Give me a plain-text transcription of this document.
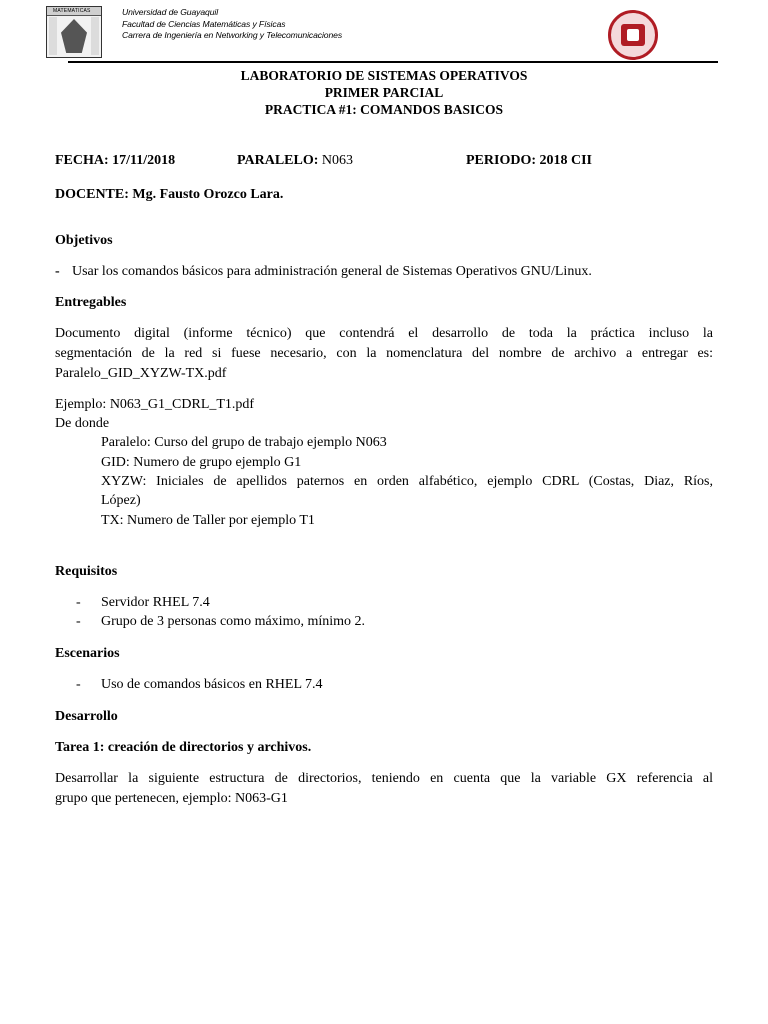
MATEMATICAS	Universidad de Guayaquil
Facultad de Ciencias Matemáticas y Físicas
Carrera de Ingeniería en Networking y Telecomunicaciones
LABORATORIO DE SISTEMAS OPERATIVOS
PRIMER PARCIAL
PRACTICA #1: COMANDOS BASICOS
FECHA: 17/11/2018	PARALELO: N063	PERIODO: 2018 CII
DOCENTE: Mg. Fausto Orozco Lara.
Objetivos
- Usar los comandos básicos para administración general de Sistemas Operativos GNU/Linux.
Entregables
Documento digital (informe técnico) que contendrá el desarrollo de toda la práctica incluso la
segmentación de la red si fuese necesario, con la nomenclatura del nombre de archivo a entregar es:
Paralelo_GID_XYZW-TX.pdf
Ejemplo: N063_G1_CDRL_T1.pdf
De donde
Paralelo: Curso del grupo de trabajo ejemplo N063
GID: Numero de grupo ejemplo G1
XYZW: Iniciales de apellidos paternos en orden alfabético, ejemplo CDRL (Costas, Diaz, Ríos,
López)
TX: Numero de Taller por ejemplo T1
Requisitos
- Servidor RHEL 7.4
- Grupo de 3 personas como máximo, mínimo 2.
Escenarios
- Uso de comandos básicos en RHEL 7.4
Desarrollo
Tarea 1: creación de directorios y archivos.
Desarrollar la siguiente estructura de directorios, teniendo en cuenta que la variable GX referencia al
grupo que pertenecen, ejemplo: N063-G1
